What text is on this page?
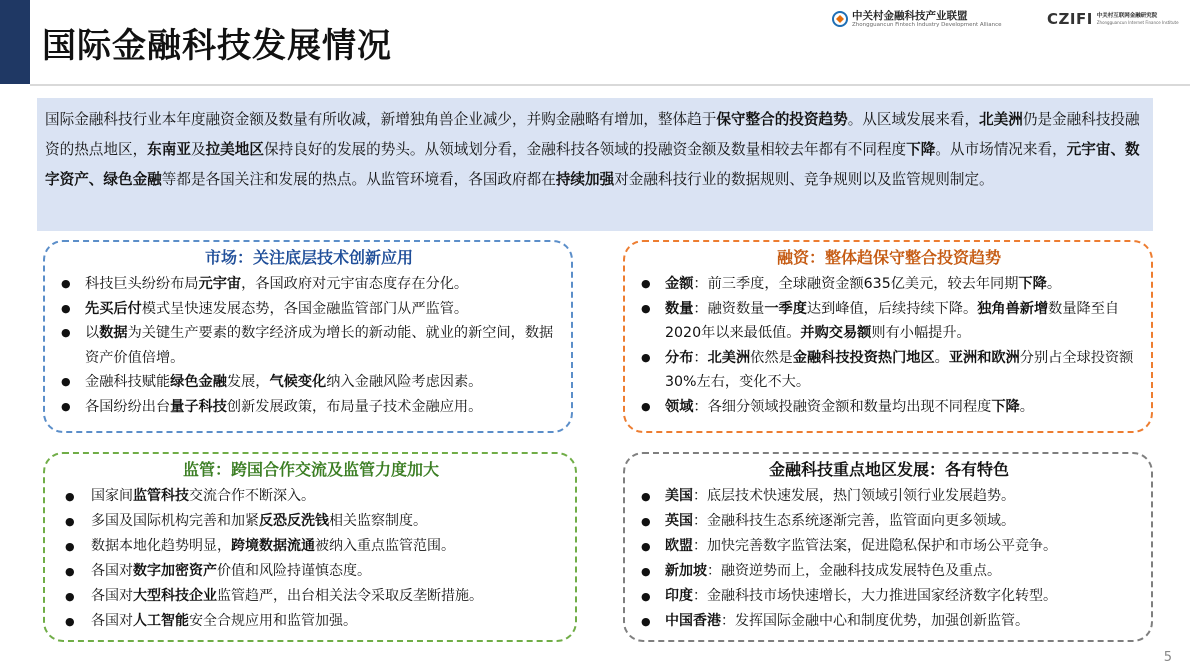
国际金融科技发展情况
中关村金融科技产业联盟
Zhongguancun Fintech Industry Development Alliance	CZIFI 中关村互联网金融研究院
Zhongguancun Internet Finance Institute
国际金融科技行业本年度融资金额及数量有所收减，新增独角兽企业减少，并购金融略有增加，整体趋于保守整合的投资趋势。从区域发展来看，北美洲仍是金融科技投融资的热点地区，东南亚及拉美地区保持良好的发展的势头。从领域划分看，金融科技各领域的投融资金额及数量相较去年都有不同程度下降。从市场情况来看，元宇宙、数字资产、绿色金融等都是各国关注和发展的热点。从监管环境看，各国政府都在持续加强对金融科技行业的数据规则、竞争规则以及监管规则制定。
市场：关注底层技术创新应用
● 科技巨头纷纷布局元宇宙，各国政府对元宇宙态度存在分化。
● 先买后付模式呈快速发展态势，各国金融监管部门从严监管。
● 以数据为关键生产要素的数字经济成为增长的新动能、就业的新空间，数据资产价值倍增。
● 金融科技赋能绿色金融发展，气候变化纳入金融风险考虑因素。
● 各国纷纷出台量子科技创新发展政策，布局量子技术金融应用。
融资：整体趋保守整合投资趋势
● 金额：前三季度，全球融资金额635亿美元，较去年同期下降。
● 数量：融资数量一季度达到峰值，后续持续下降。独角兽新增数量降至自2020年以来最低值。并购交易额则有小幅提升。
● 分布：北美洲依然是金融科技投资热门地区。亚洲和欧洲分别占全球投资额30%左右，变化不大。
● 领域：各细分领域投融资金额和数量均出现不同程度下降。
监管：跨国合作交流及监管力度加大
● 国家间监管科技交流合作不断深入。
● 多国及国际机构完善和加紧反恐反洗钱相关监察制度。
● 数据本地化趋势明显，跨境数据流通被纳入重点监管范围。
● 各国对数字加密资产价值和风险持谨慎态度。
● 各国对大型科技企业监管趋严，出台相关法令采取反垄断措施。
● 各国对人工智能安全合规应用和监管加强。
金融科技重点地区发展：各有特色
● 美国：底层技术快速发展，热门领域引领行业发展趋势。
● 英国：金融科技生态系统逐渐完善，监管面向更多领域。
● 欧盟：加快完善数字监管法案，促进隐私保护和市场公平竞争。
● 新加坡：融资逆势而上，金融科技成发展特色及重点。
● 印度：金融科技市场快速增长，大力推进国家经济数字化转型。
● 中国香港：发挥国际金融中心和制度优势，加强创新监管。
5
